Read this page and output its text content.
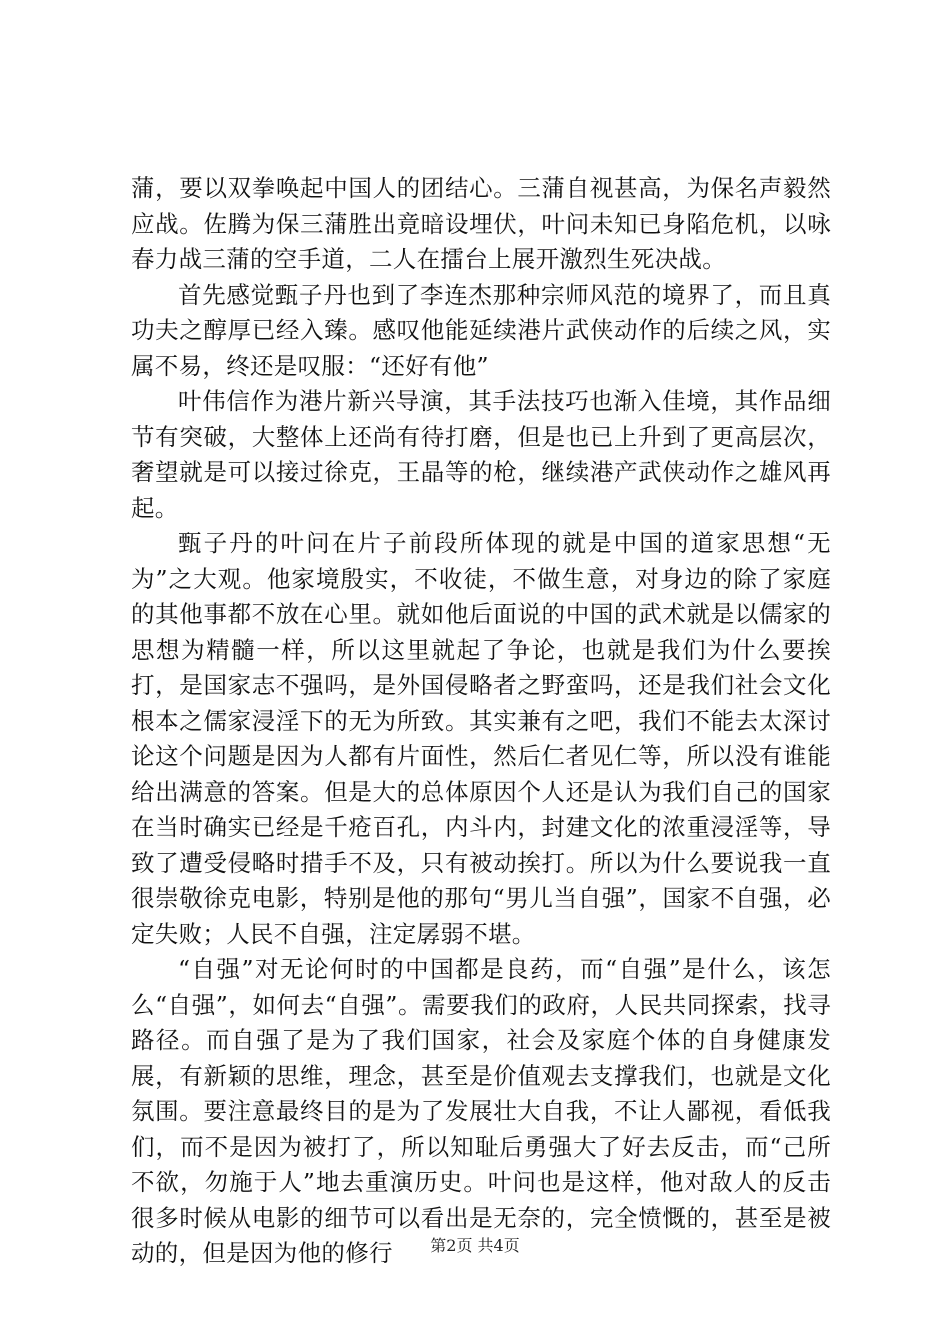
蒲，要以双拳唤起中国人的团结心。三蒲自视甚高，为保名声毅然应战。佐腾为保三蒲胜出竟暗设埋伏，叶问未知已身陷危机，以咏春力战三蒲的空手道，二人在擂台上展开激烈生死决战。

首先感觉甄子丹也到了李连杰那种宗师风范的境界了，而且真功夫之醇厚已经入臻。感叹他能延续港片武侠动作的后续之风，实属不易，终还是叹服：“还好有他”

叶伟信作为港片新兴导演，其手法技巧也渐入佳境，其作品细节有突破，大整体上还尚有待打磨，但是也已上升到了更高层次，奢望就是可以接过徐克，王晶等的枪，继续港产武侠动作之雄风再起。

甄子丹的叶问在片子前段所体现的就是中国的道家思想“无为”之大观。他家境殷实，不收徒，不做生意，对身边的除了家庭的其他事都不放在心里。就如他后面说的中国的武术就是以儒家的思想为精髓一样，所以这里就起了争论，也就是我们为什么要挨打，是国家志不强吗，是外国侵略者之野蛮吗，还是我们社会文化根本之儒家浸淫下的无为所致。其实兼有之吧，我们不能去太深讨论这个问题是因为人都有片面性，然后仁者见仁等，所以没有谁能给出满意的答案。但是大的总体原因个人还是认为我们自己的国家在当时确实已经是千疮百孔，内斗内，封建文化的浓重浸淫等，导致了遭受侵略时措手不及，只有被动挨打。所以为什么要说我一直很崇敬徐克电影，特别是他的那句“男儿当自强”，国家不自强，必定失败；人民不自强，注定孱弱不堪。

“自强”对无论何时的中国都是良药，而“自强”是什么，该怎么“自强”，如何去“自强”。需要我们的政府，人民共同探索，找寻路径。而自强了是为了我们国家，社会及家庭个体的自身健康发展，有新颖的思维，理念，甚至是价值观去支撑我们，也就是文化氛围。要注意最终目的是为了发展壮大自我，不让人鄙视，看低我们，而不是因为被打了，所以知耻后勇强大了好去反击，而“己所不欲，勿施于人”地去重演历史。叶问也是这样，他对敌人的反击很多时候从电影的细节可以看出是无奈的，完全愤慨的，甚至是被动的，但是因为他的修行	第2页 共4页
